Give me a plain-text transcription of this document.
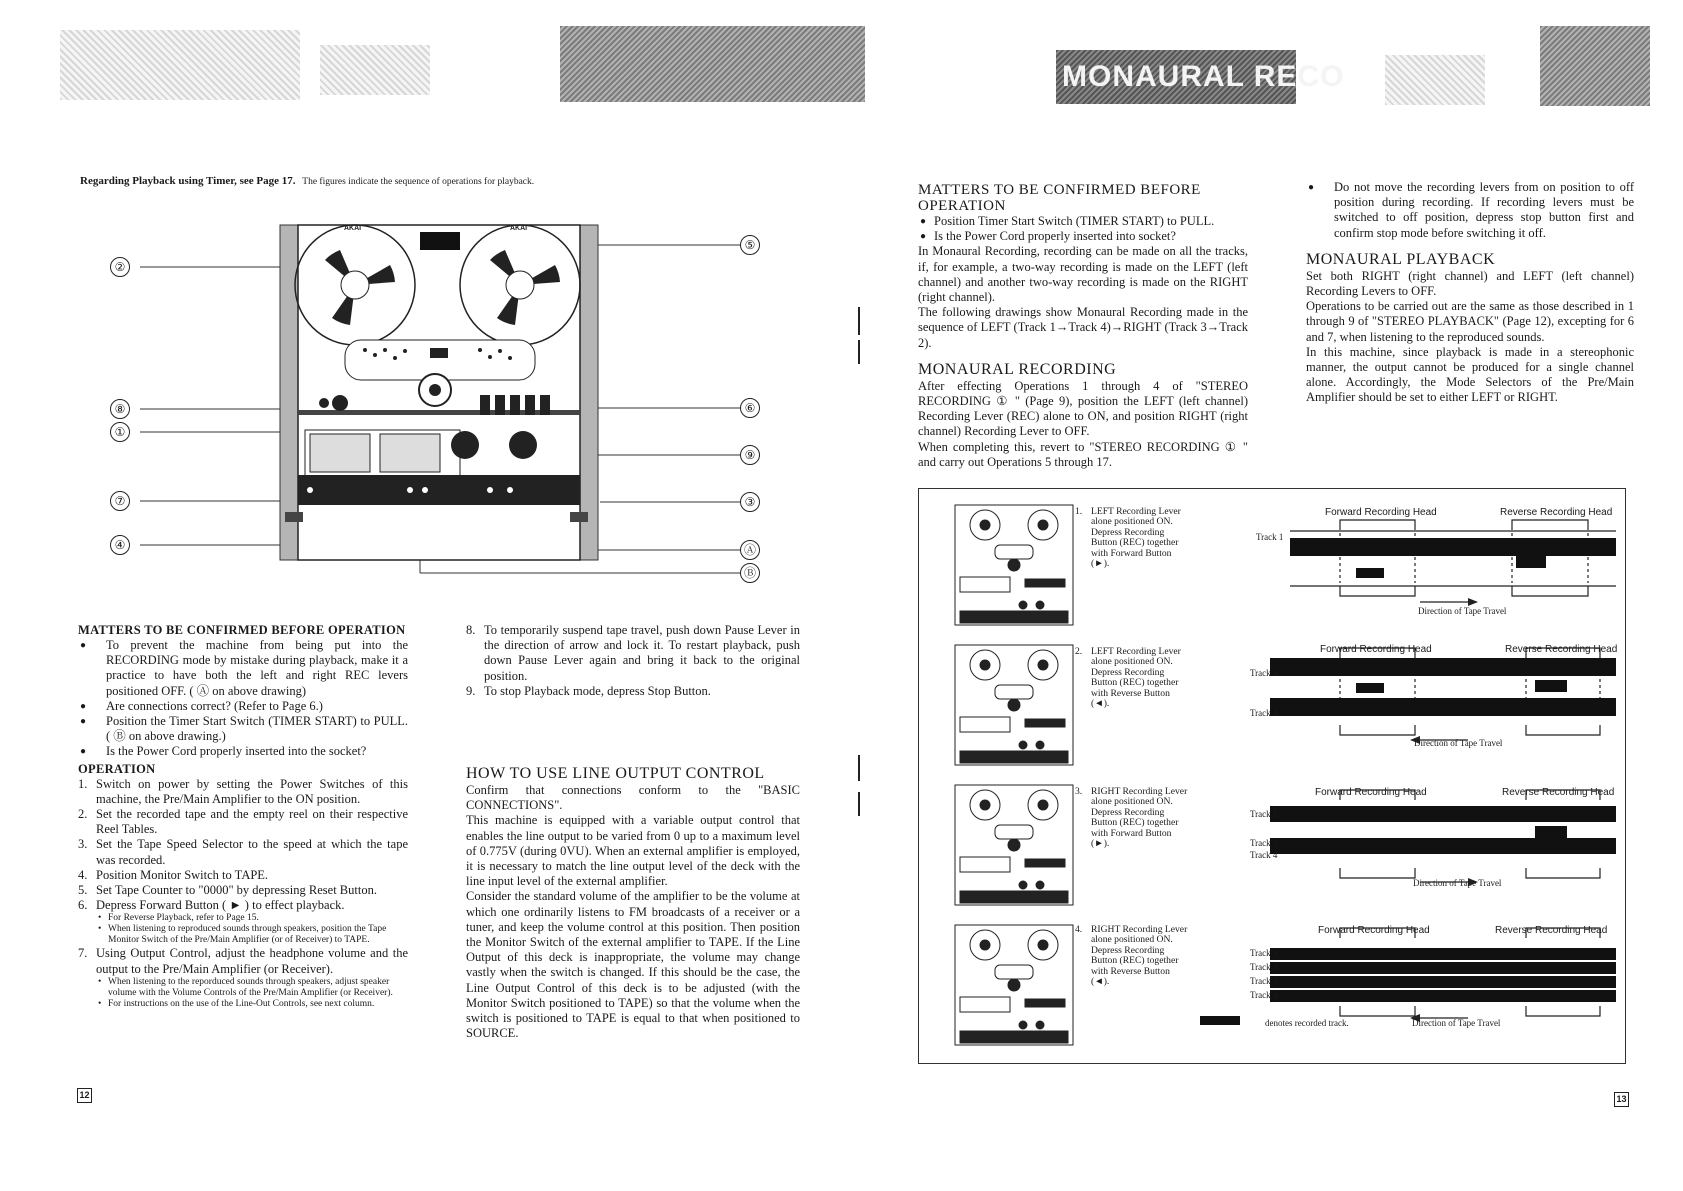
MONAURAL RECO
Regarding Playback using Timer, see Page 17. The figures indicate the sequence of operations for playback.
AKAI	AKAI
②
⑧
①
⑦
④
⑤
⑥
⑨
③
Ⓐ
Ⓑ
MATTERS TO BE CONFIRMED BEFORE OPERATION
● To prevent the machine from being put into the RECORDING mode by mistake during playback, make it a practice to have both the left and right REC levers positioned OFF. ( Ⓐ on above drawing)
● Are connections correct? (Refer to Page 6.)
● Position the Timer Start Switch (TIMER START) to PULL. ( Ⓑ on above drawing.)
● Is the Power Cord properly inserted into the socket?
OPERATION
1. Switch on power by setting the Power Switches of this machine, the Pre/Main Amplifier to the ON position.
2. Set the recorded tape and the empty reel on their respective Reel Tables.
3. Set the Tape Speed Selector to the speed at which the tape was recorded.
4. Position Monitor Switch to TAPE.
5. Set Tape Counter to "0000" by depressing Reset Button.
6. Depress Forward Button ( ► ) to effect playback.
• For Reverse Playback, refer to Page 15.
• When listening to reproduced sounds through speakers, position the Tape Monitor Switch of the Pre/Main Amplifier (or of Receiver) to TAPE.
7. Using Output Control, adjust the headphone volume and the output to the Pre/Main Amplifier (or Receiver).
• When listening to the reporduced sounds through speakers, adjust speaker volume with the Volume Controls of the Pre/Main Amplifier (or Receiver).
• For instructions on the use of the Line-Out Controls, see next column.
8. To temporarily suspend tape travel, push down Pause Lever in the direction of arrow and lock it. To restart playback, push down Pause Lever again and bring it back to the original position.
9. To stop Playback mode, depress Stop Button.
HOW TO USE LINE OUTPUT CONTROL
Confirm that connections conform to the "BASIC CONNECTIONS".
This machine is equipped with a variable output control that enables the line output to be varied from 0 up to a maximum level of 0.775V (during 0VU). When an external amplifier is employed, it is necessary to match the line output level of the deck with the line input level of the external amplifier.
Consider the standard volume of the amplifier to be the volume at which one ordinarily listens to FM broadcasts of a receiver or a tuner, and keep the volume control at this position. Then position the Monitor Switch of the external amplifier to TAPE. If the Line Output of this deck is inappropriate, the volume may change vastly when the switch is changed. If this should be the case, the Line Output Control of this deck is to be adjusted (with the Monitor Switch positioned to TAPE) so that the volume when the switch is positioned to TAPE is equal to that when positioned to SOURCE.
12
MATTERS TO BE CONFIRMED BEFORE OPERATION
● Position Timer Start Switch (TIMER START) to PULL.
● Is the Power Cord properly inserted into socket?
In Monaural Recording, recording can be made on all the tracks, if, for example, a two-way recording is made on the LEFT (left channel) and another two-way recording is made on the RIGHT (right channel).
The following drawings show Monaural Recording made in the sequence of LEFT (Track 1→Track 4)→RIGHT (Track 3→Track 2).
MONAURAL RECORDING
After effecting Operations 1 through 4 of "STEREO RECORDING ① " (Page 9), position the LEFT (left channel) Recording Lever (REC) alone to ON, and position RIGHT (right channel) Recording Lever to OFF.
When completing this, revert to "STEREO RECORDING ① " and carry out Operations 5 through 17.
● Do not move the recording levers from on position to off position during recording. If recording levers must be switched to off position, depress stop button first and confirm stop mode before switching it off.
MONAURAL PLAYBACK
Set both RIGHT (right channel) and LEFT (left channel) Recording Levers to OFF.
Operations to be carried out are the same as those described in 1 through 9 of "STEREO PLAYBACK" (Page 12), excepting for 6 and 7, when listening to the reproduced sounds.
In this machine, since playback is made in a stereophonic manner, the output cannot be produced for a single channel alone. Accordingly, the Mode Selectors of the Pre/Main Amplifier should be set to either LEFT or RIGHT.
1. LEFT Recording Lever alone positioned ON. Depress Recording Button (REC) together with Forward Button (►).
2. LEFT Recording Lever alone positioned ON. Depress Recording Button (REC) together with Reverse Button (◄).
3. RIGHT Recording Lever alone positioned ON. Depress Recording Button (REC) together with Forward Button (►).
4. RIGHT Recording Lever alone positioned ON. Depress Recording Button (REC) together with Reverse Button (◄).
Forward Recording Head	Reverse Recording Head
Forward Recording Head	Reverse Recording Head
Forward Recording Head	Reverse Recording Head
Forward Recording Head	Reverse Recording Head
Track 1
Track 1
Track 4
Track 1
Track 3
Track 4
Track 1
Track 2
Track 3
Track 4
Direction of Tape Travel
Direction of Tape Travel
Direction of Tape Travel
Direction of Tape Travel
denotes recorded track.
13
